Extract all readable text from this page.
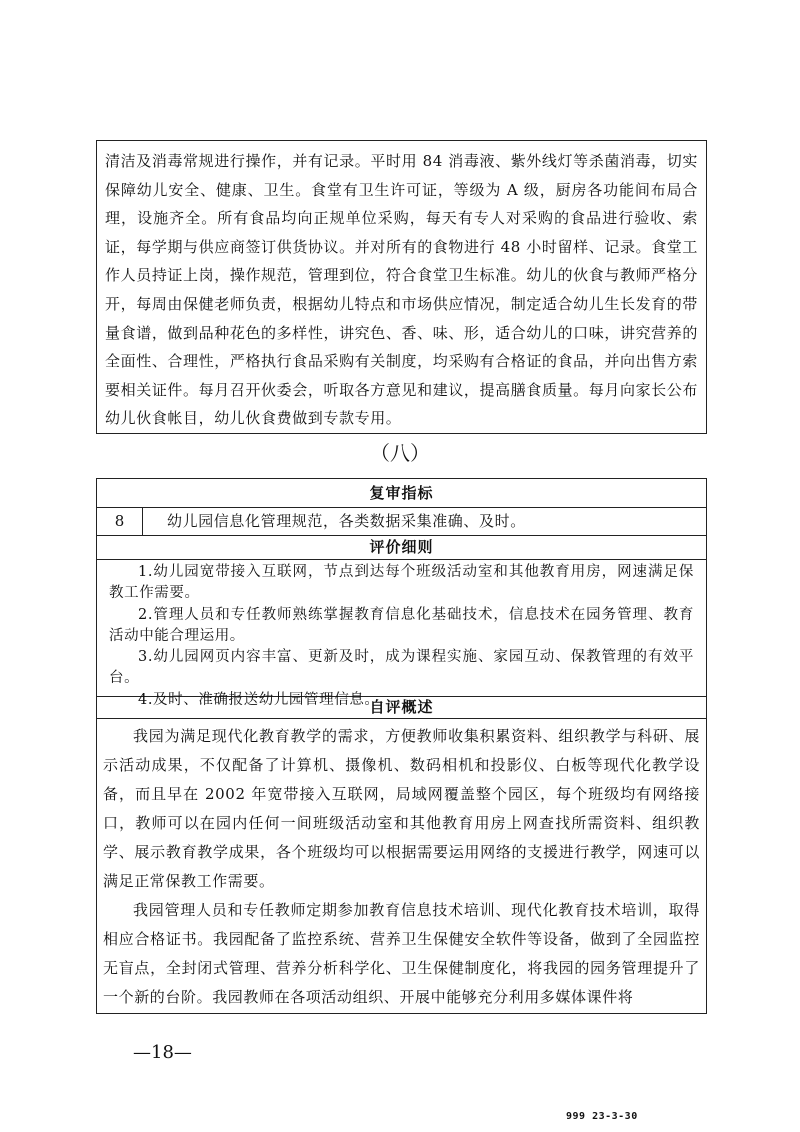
清洁及消毒常规进行操作，并有记录。平时用 84 消毒液、紫外线灯等杀菌消毒，切实保障幼儿安全、健康、卫生。食堂有卫生许可证，等级为 A 级，厨房各功能间布局合理，设施齐全。所有食品均向正规单位采购，每天有专人对采购的食品进行验收、索证，每学期与供应商签订供货协议。并对所有的食物进行 48 小时留样、记录。食堂工作人员持证上岗，操作规范，管理到位，符合食堂卫生标准。幼儿的伙食与教师严格分开，每周由保健老师负责，根据幼儿特点和市场供应情况，制定适合幼儿生长发育的带量食谱，做到品种花色的多样性，讲究色、香、味、形，适合幼儿的口味，讲究营养的全面性、合理性，严格执行食品采购有关制度，均采购有合格证的食品，并向出售方索要相关证件。每月召开伙委会，听取各方意见和建议，提高膳食质量。每月向家长公布幼儿伙食帐目，幼儿伙食费做到专款专用。

（八）
复审指标
8	幼儿园信息化管理规范，各类数据采集准确、及时。
评价细则

1.幼儿园宽带接入互联网，节点到达每个班级活动室和其他教育用房，网速满足保教工作需要。

2.管理人员和专任教师熟练掌握教育信息化基础技术，信息技术在园务管理、教育活动中能合理运用。

3.幼儿园网页内容丰富、更新及时，成为课程实施、家园互动、保教管理的有效平台。

4.及时、准确报送幼儿园管理信息。

自评概述

我园为满足现代化教育教学的需求，方便教师收集积累资料、组织教学与科研、展示活动成果，不仅配备了计算机、摄像机、数码相机和投影仪、白板等现代化教学设备，而且早在 2002 年宽带接入互联网，局域网覆盖整个园区，每个班级均有网络接口，教师可以在园内任何一间班级活动室和其他教育用房上网查找所需资料、组织教学、展示教育教学成果，各个班级均可以根据需要运用网络的支援进行教学，网速可以满足正常保教工作需要。

我园管理人员和专任教师定期参加教育信息技术培训、现代化教育技术培训，取得相应合格证书。我园配备了监控系统、营养卫生保健安全软件等设备，做到了全园监控无盲点，全封闭式管理、营养分析科学化、卫生保健制度化，将我园的园务管理提升了一个新的台阶。我园教师在各项活动组织、开展中能够充分利用多媒体课件将

—18—
999 23-3-30
